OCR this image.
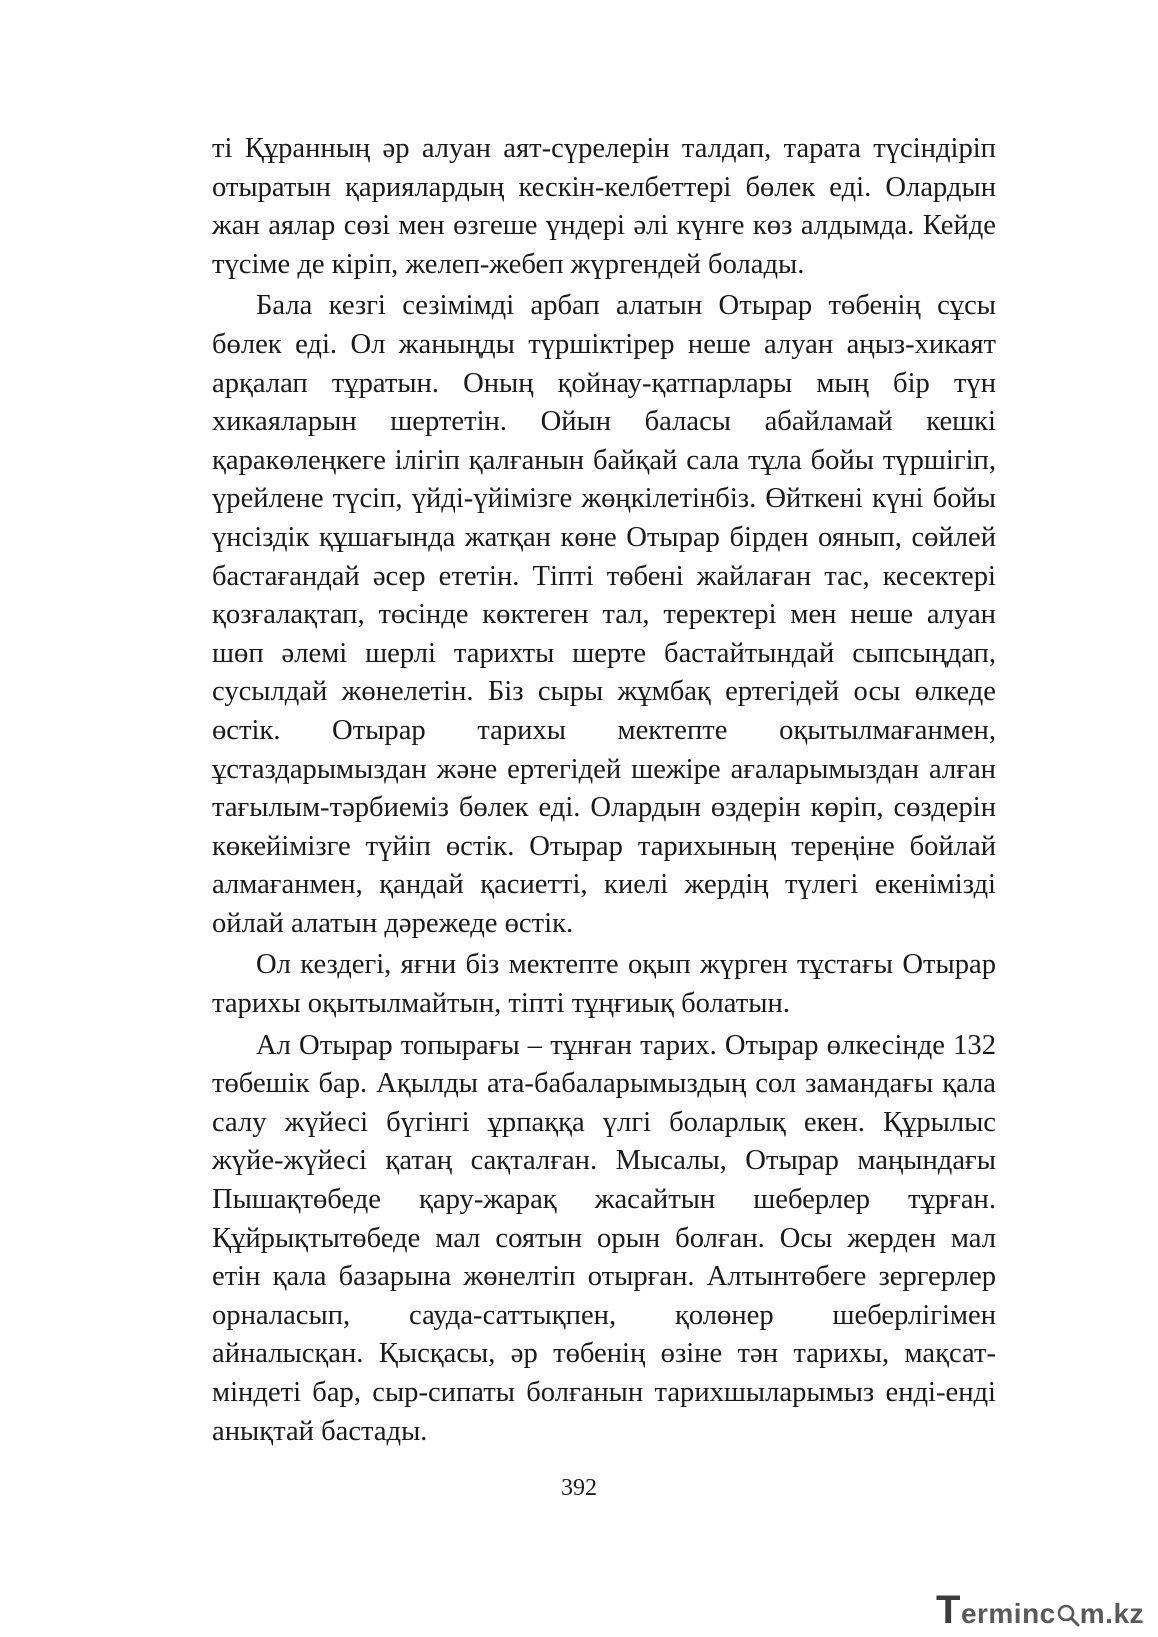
ті Құранның әр алуан аят-сүрелерін талдап, тарата түсіндіріп отыратын қариялардың кескін-келбеттері бөлек еді. Олардын жан аялар сөзі мен өзгеше үндері әлі күнге көз алдымда. Кейде түсіме де кіріп, желеп-жебеп жүргендей болады.

Бала кезгі сезімімді арбап алатын Отырар төбенің сұсы бөлек еді. Ол жаныңды түршіктірер неше алуан аңыз-хикаят арқалап тұратын. Оның қойнау-қатпарлары мың бір түн хикаяларын шертетін. Ойын баласы абайламай кешкі қаракөлеңкеге ілігіп қалғанын байқай сала тұла бойы түршігіп, үрейлене түсіп, үйді-үйімізге жөңкілетінбіз. Өйткені күні бойы үнсіздік құшағында жатқан көне Отырар бірден оянып, сөйлей бастағандай әсер ететін. Тіпті төбені жайлаған тас, кесектері қозғалақтап, төсінде көктеген тал, теректері мен неше алуан шөп әлемі шерлі тарихты шерте бастайтындай сыпсыңдап, сусылдай жөнелетін. Біз сыры жұмбақ ертегідей осы өлкеде өстік. Отырар тарихы мектепте оқытылмағанмен, ұстаздарымыздан және ертегідей шежіре ағаларымыздан алған тағылым-тәрбиеміз бөлек еді. Олардын өздерін көріп, сөздерін көкейімізге түйіп өстік. Отырар тарихының тереңіне бойлай алмағанмен, қандай қасиетті, киелі жердің түлегі екенімізді ойлай алатын дәрежеде өстік.

Ол кездегі, яғни біз мектепте оқып жүрген тұстағы Отырар тарихы оқытылмайтын, тіпті тұңғиық болатын.

Ал Отырар топырағы – тұнған тарих. Отырар өлкесінде 132 төбешік бар. Ақылды ата-бабаларымыздың сол замандағы қала салу жүйесі бүгінгі ұрпаққа үлгі боларлық екен. Құрылыс жүйе-жүйесі қатаң сақталған. Мысалы, Отырар маңындағы Пышақтөбеде қару-жарақ жасайтын шеберлер тұрған. Құйрықтытөбеде мал соятын орын болған. Осы жерден мал етін қала базарына жөнелтіп отырған. Алтынтөбеге зергерлер орналасып, сауда-саттықпен, қолөнер шеберлігімен айналысқан. Қысқасы, әр төбенің өзіне тән тарихы, мақсат-міндеті бар, сыр-сипаты болғанын тарихшыларымыз енді-енді анықтай бастады.

392
Terminc m.kz
